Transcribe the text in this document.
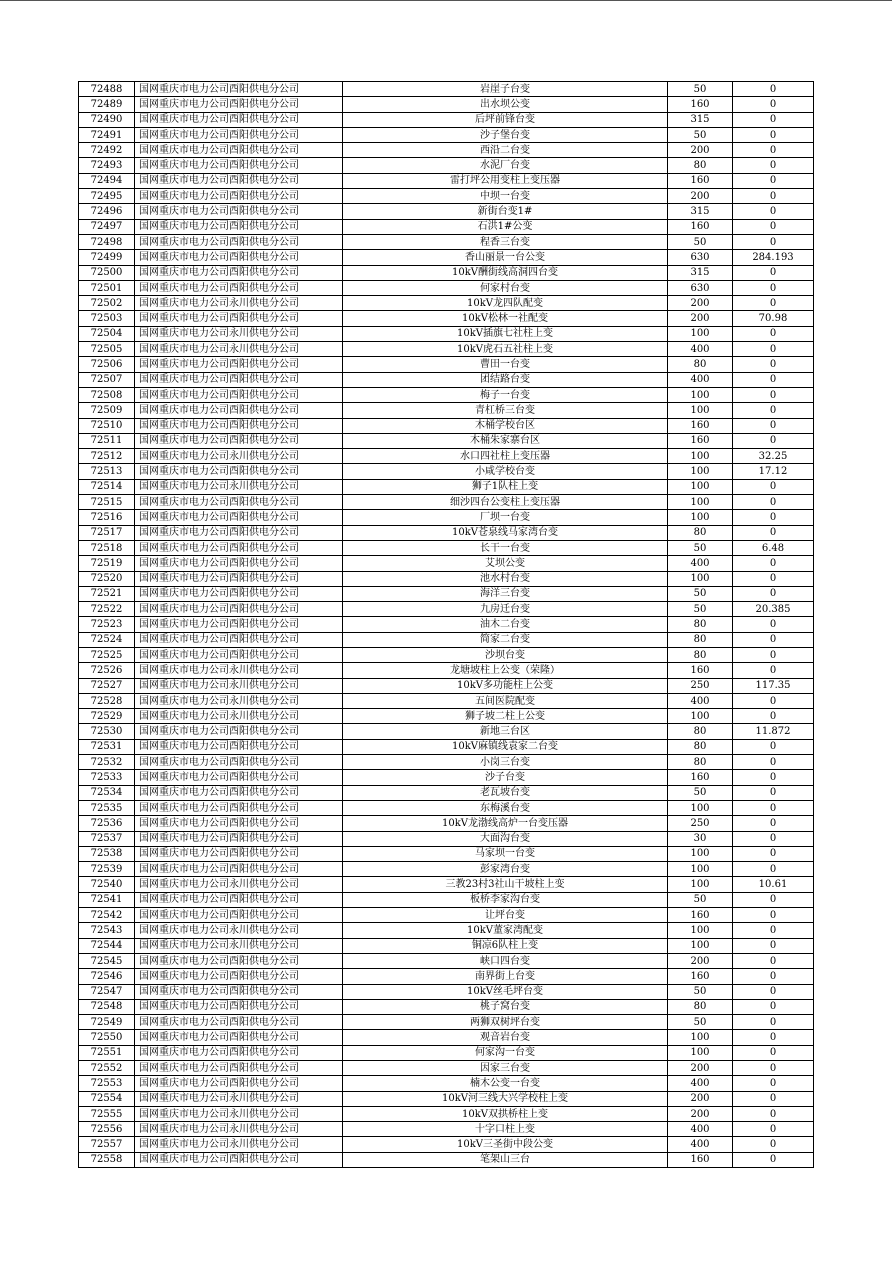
72488	国网重庆市电力公司酉阳供电分公司	岩崖子台变	50	0
72489	国网重庆市电力公司酉阳供电分公司	出水坝公变	160	0
72490	国网重庆市电力公司酉阳供电分公司	后坪前锋台变	315	0
72491	国网重庆市电力公司酉阳供电分公司	沙子堡台变	50	0
72492	国网重庆市电力公司酉阳供电分公司	西沿二台变	200	0
72493	国网重庆市电力公司酉阳供电分公司	水泥厂台变	80	0
72494	国网重庆市电力公司酉阳供电分公司	雷打坪公用变柱上变压器	160	0
72495	国网重庆市电力公司酉阳供电分公司	中坝一台变	200	0
72496	国网重庆市电力公司酉阳供电分公司	新街台变1#	315	0
72497	国网重庆市电力公司酉阳供电分公司	石洪1#公变	160	0
72498	国网重庆市电力公司酉阳供电分公司	程香三台变	50	0
72499	国网重庆市电力公司酉阳供电分公司	香山丽景一台公变	630	284.193
72500	国网重庆市电力公司酉阳供电分公司	10kV酬街线高洞四台变	315	0
72501	国网重庆市电力公司酉阳供电分公司	何家村台变	630	0
72502	国网重庆市电力公司永川供电分公司	10kV龙四队配变	200	0
72503	国网重庆市电力公司酉阳供电分公司	10kV松林一社配变	200	70.98
72504	国网重庆市电力公司永川供电分公司	10kV插旗七社柱上变	100	0
72505	国网重庆市电力公司永川供电分公司	10kV虎石五社柱上变	400	0
72506	国网重庆市电力公司酉阳供电分公司	曹田一台变	80	0
72507	国网重庆市电力公司酉阳供电分公司	团结路台变	400	0
72508	国网重庆市电力公司酉阳供电分公司	梅子一台变	100	0
72509	国网重庆市电力公司酉阳供电分公司	青杠桥三台变	100	0
72510	国网重庆市电力公司酉阳供电分公司	木桶学校台区	160	0
72511	国网重庆市电力公司酉阳供电分公司	木桶朱家寨台区	160	0
72512	国网重庆市电力公司永川供电分公司	水口四社柱上变压器	100	32.25
72513	国网重庆市电力公司酉阳供电分公司	小咸学校台变	100	17.12
72514	国网重庆市电力公司永川供电分公司	狮子1队柱上变	100	0
72515	国网重庆市电力公司酉阳供电分公司	细沙四台公变柱上变压器	100	0
72516	国网重庆市电力公司酉阳供电分公司	厂坝一台变	100	0
72517	国网重庆市电力公司酉阳供电分公司	10kV苍泉线马家湾台变	80	0
72518	国网重庆市电力公司酉阳供电分公司	长干一台变	50	6.48
72519	国网重庆市电力公司酉阳供电分公司	艾坝公变	400	0
72520	国网重庆市电力公司酉阳供电分公司	池水村台变	100	0
72521	国网重庆市电力公司酉阳供电分公司	海洋三台变	50	0
72522	国网重庆市电力公司酉阳供电分公司	九房迁台变	50	20.385
72523	国网重庆市电力公司酉阳供电分公司	油木二台变	80	0
72524	国网重庆市电力公司酉阳供电分公司	简家二台变	80	0
72525	国网重庆市电力公司酉阳供电分公司	沙坝台变	80	0
72526	国网重庆市电力公司永川供电分公司	龙塘坡柱上公变（荣隆）	160	0
72527	国网重庆市电力公司永川供电分公司	10kV多功能柱上公变	250	117.35
72528	国网重庆市电力公司永川供电分公司	五间医院配变	400	0
72529	国网重庆市电力公司永川供电分公司	狮子坡二柱上公变	100	0
72530	国网重庆市电力公司酉阳供电分公司	新地三台区	80	11.872
72531	国网重庆市电力公司酉阳供电分公司	10kV麻镇线袁家二台变	80	0
72532	国网重庆市电力公司酉阳供电分公司	小岗三台变	80	0
72533	国网重庆市电力公司酉阳供电分公司	沙子台变	160	0
72534	国网重庆市电力公司酉阳供电分公司	老瓦坡台变	50	0
72535	国网重庆市电力公司酉阳供电分公司	东梅溪台变	100	0
72536	国网重庆市电力公司酉阳供电分公司	10kV龙渤线高炉一台变压器	250	0
72537	国网重庆市电力公司酉阳供电分公司	大面沟台变	30	0
72538	国网重庆市电力公司酉阳供电分公司	马家坝一台变	100	0
72539	国网重庆市电力公司酉阳供电分公司	彭家湾台变	100	0
72540	国网重庆市电力公司永川供电分公司	三教23村3社山干坡柱上变	100	10.61
72541	国网重庆市电力公司酉阳供电分公司	板桥李家沟台变	50	0
72542	国网重庆市电力公司酉阳供电分公司	让坪台变	160	0
72543	国网重庆市电力公司永川供电分公司	10kV董家湾配变	100	0
72544	国网重庆市电力公司永川供电分公司	铜凉6队柱上变	100	0
72545	国网重庆市电力公司酉阳供电分公司	峡口四台变	200	0
72546	国网重庆市电力公司酉阳供电分公司	南界街上台变	160	0
72547	国网重庆市电力公司酉阳供电分公司	10kV丝毛坪台变	50	0
72548	国网重庆市电力公司酉阳供电分公司	桃子窝台变	80	0
72549	国网重庆市电力公司酉阳供电分公司	两狮双树坪台变	50	0
72550	国网重庆市电力公司酉阳供电分公司	观音岩台变	100	0
72551	国网重庆市电力公司酉阳供电分公司	何家沟一台变	100	0
72552	国网重庆市电力公司酉阳供电分公司	因家三台变	200	0
72553	国网重庆市电力公司酉阳供电分公司	楠木公变一台变	400	0
72554	国网重庆市电力公司永川供电分公司	10kV河三线大兴学校柱上变	200	0
72555	国网重庆市电力公司永川供电分公司	10kV双拱桥柱上变	200	0
72556	国网重庆市电力公司永川供电分公司	十字口柱上变	400	0
72557	国网重庆市电力公司永川供电分公司	10kV三圣街中段公变	400	0
72558	国网重庆市电力公司酉阳供电分公司	笔架山三台	160	0
